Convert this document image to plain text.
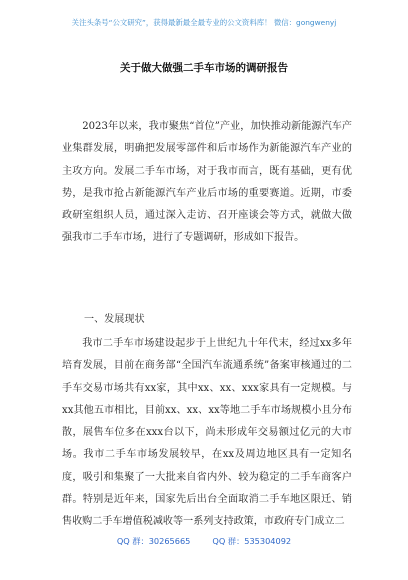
关注头条号“公文研究”，获得最新最全最专业的公文资料库！ 微信：gongwenyj
关于做大做强二手车市场的调研报告

2023年以来，我市聚焦“首位”产业，加快推动新能源汽车产业集群发展，明确把发展零部件和后市场作为新能源汽车产业的主攻方向。发展二手车市场，对于我市而言，既有基础，更有优势，是我市抢占新能源汽车产业后市场的重要赛道。近期，市委政研室组织人员，通过深入走访、召开座谈会等方式，就做大做强我市二手车市场，进行了专题调研，形成如下报告。

一、发展现状

我市二手车市场建设起步于上世纪九十年代末，经过xx多年培育发展，目前在商务部“全国汽车流通系统”备案审核通过的二手车交易市场共有xx家，其中xx、xx、xxx家具有一定规模。与xx其他五市相比，目前xx、xx、xx等地二手车市场规模小且分布散，展售车位多在xxx台以下，尚未形成年交易额过亿元的大市场。我市二手车市场发展较早，在xx及周边地区具有一定知名度，吸引和集聚了一大批来自省内外、较为稳定的二手车商客户群。特别是近年来，国家先后出台全面取消二手车地区限迁、销售收购二手车增值税减收等一系列支持政策，市政府专门成立二

QQ 群：30265665	QQ 群：535304092
